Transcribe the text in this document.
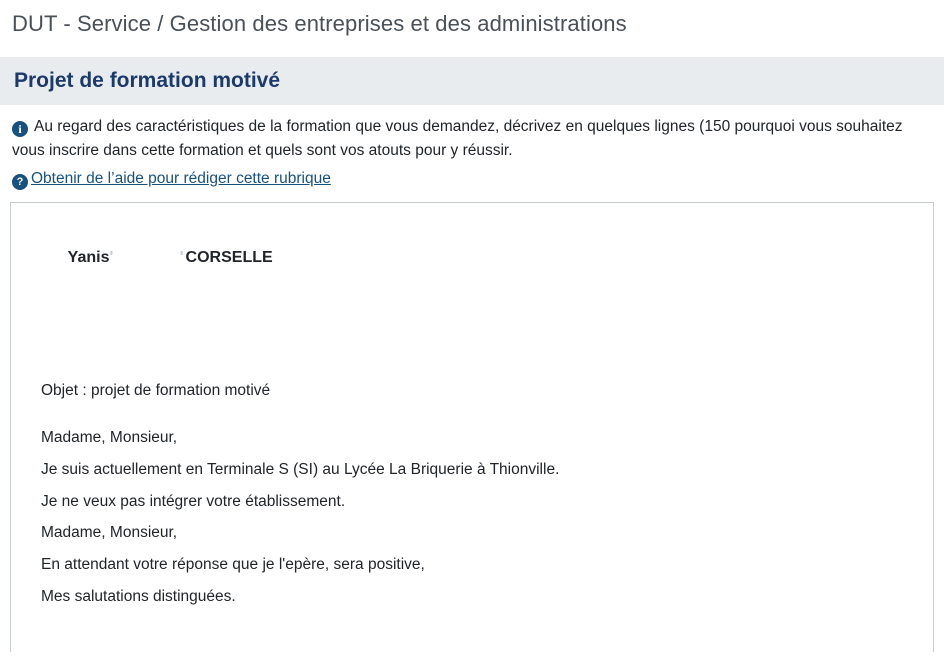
DUT - Service / Gestion des entreprises et des administrations
Projet de formation motivé
i Au regard des caractéristiques de la formation que vous demandez, décrivez en quelques lignes (150 pourquoi vous souhaitez vous inscrire dans cette formation et quels sont vos atouts pour y réussir.
? Obtenir de l’aide pour rédiger cette rubrique

Yanis'          'CORSELLE

Objet : projet de formation motivé

Madame, Monsieur,
Je suis actuellement en Terminale S (SI) au Lycée La Briquerie à Thionville.
Je ne veux pas intégrer votre établissement.
Madame, Monsieur,
En attendant votre réponse que je l'epère, sera positive,
Mes salutations distinguées.
